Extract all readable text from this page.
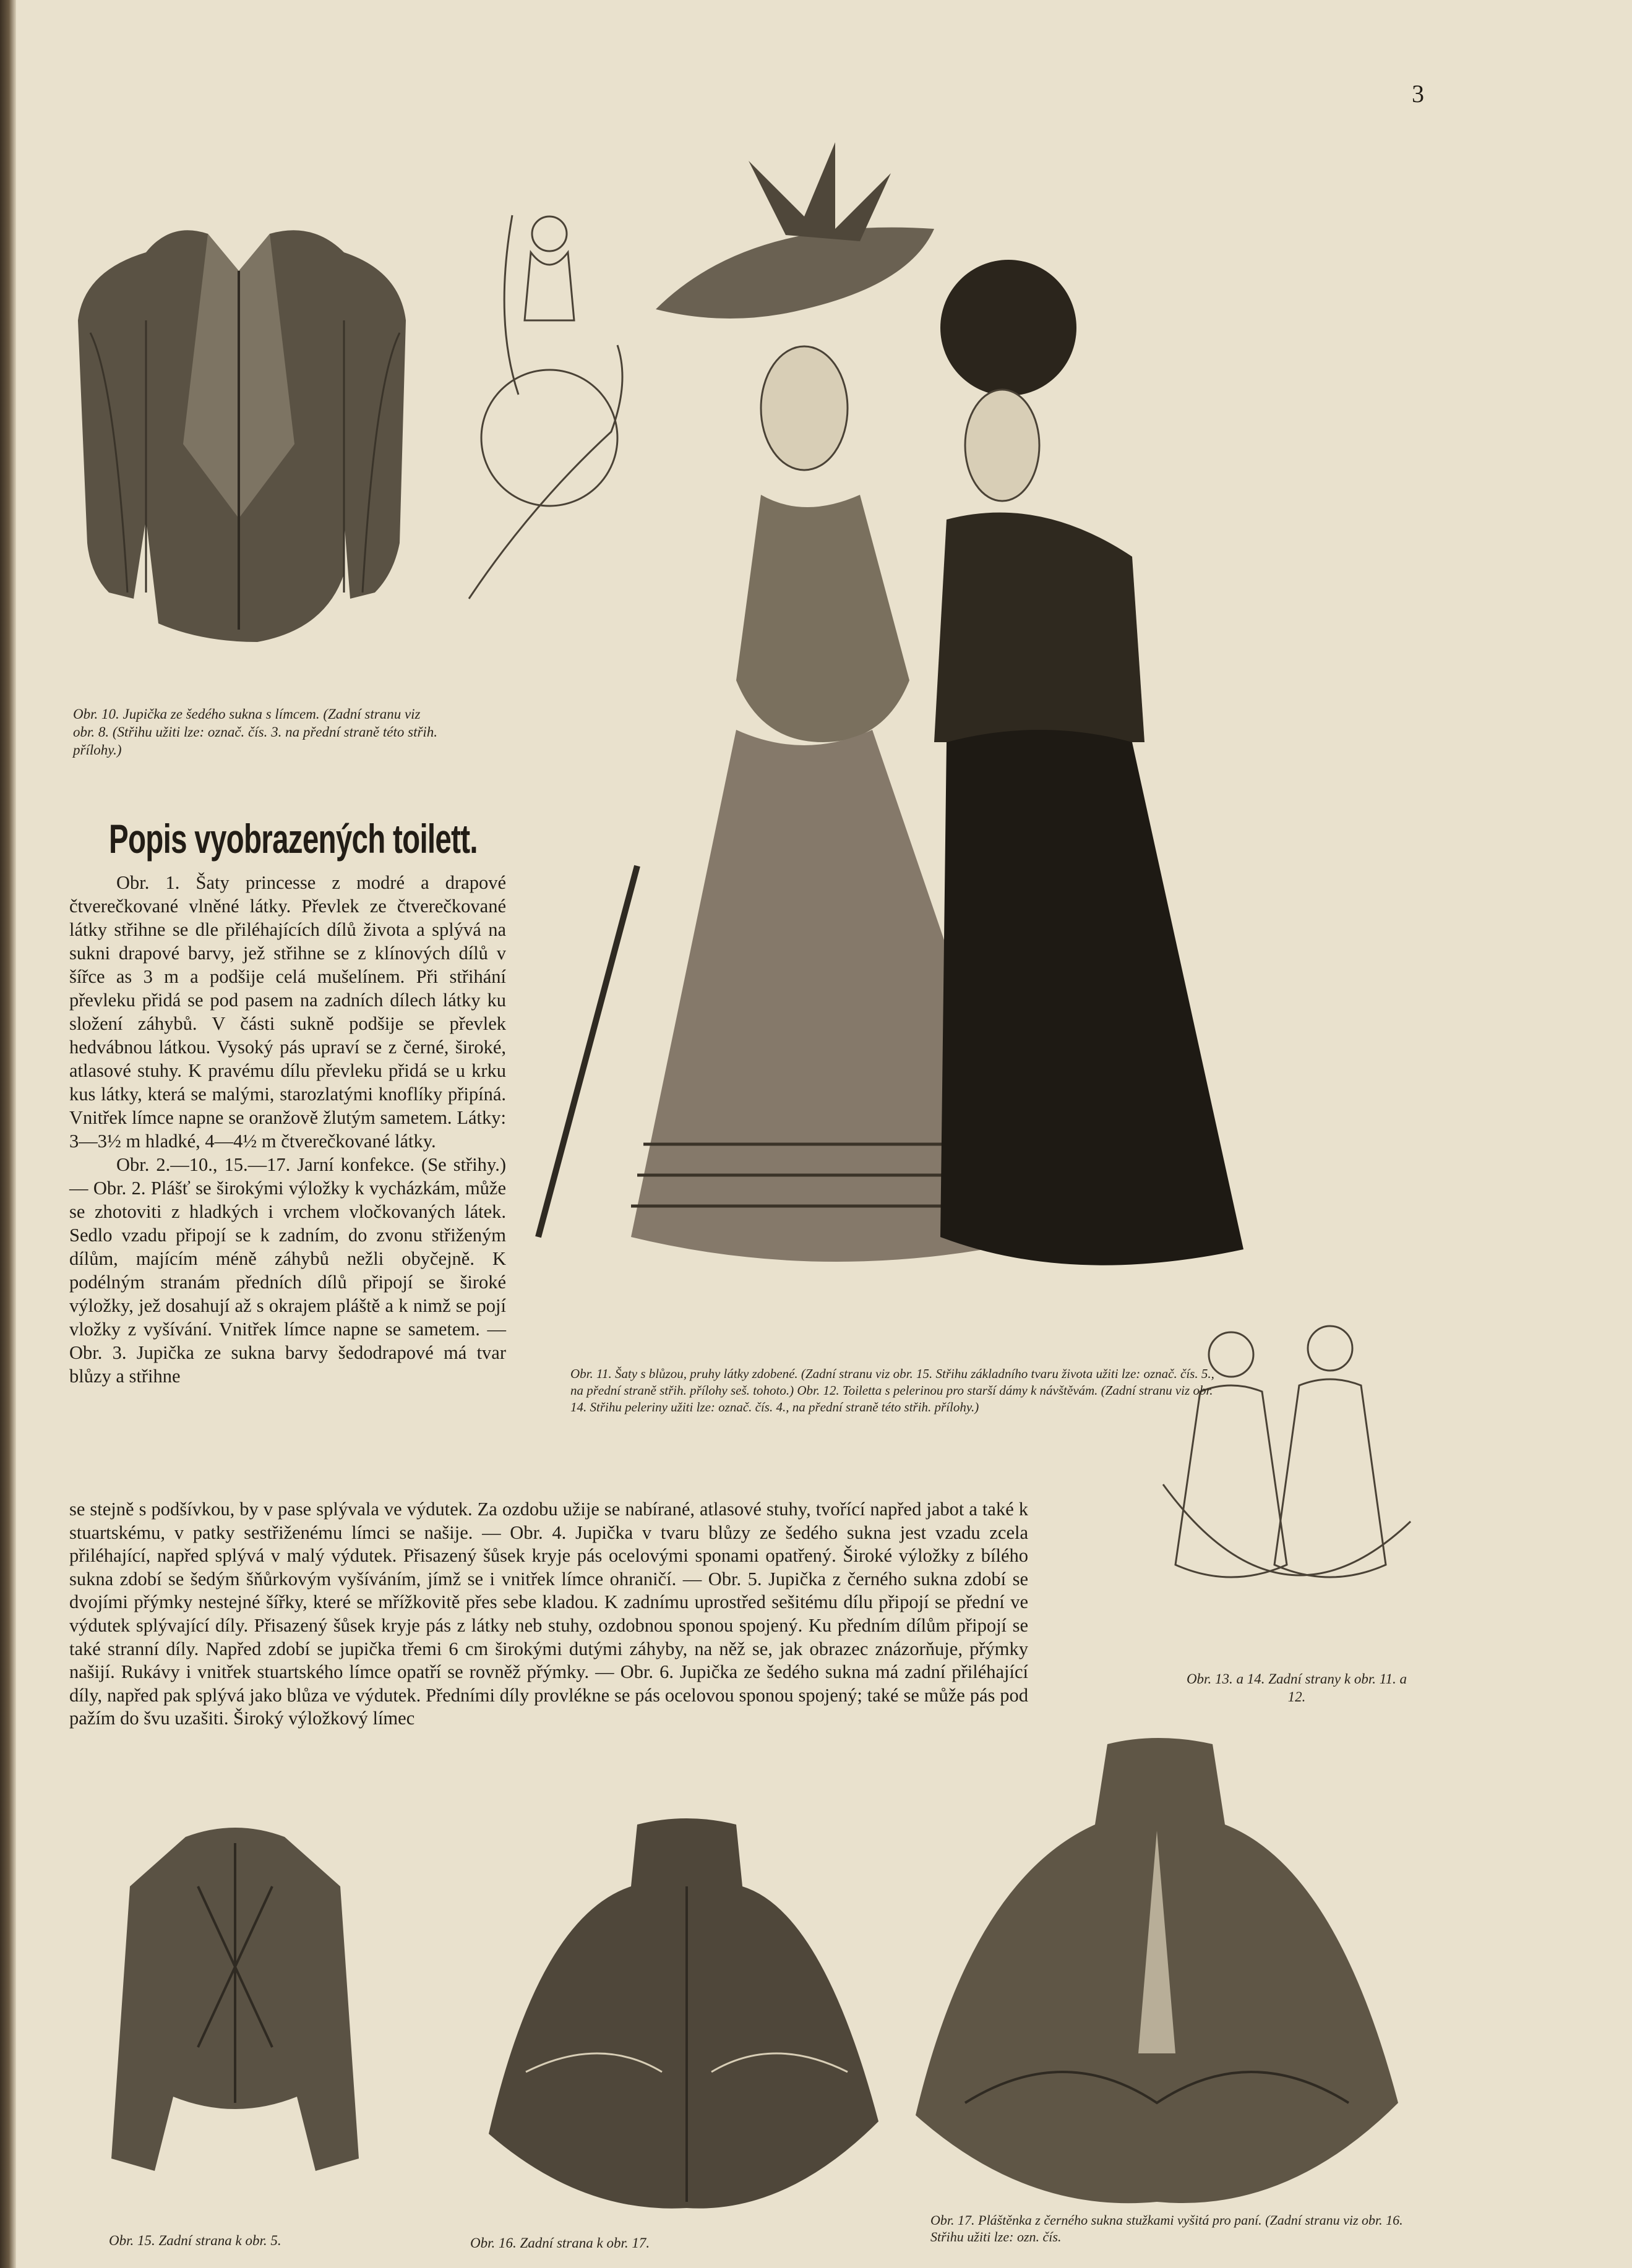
3
Obr. 10. Jupička ze šedého sukna s límcem. (Zadní stranu viz obr. 8. (Střihu užiti lze: označ. čís. 3. na přední straně této střih. přílohy.)
Obr. 13. a 14. Zadní strany k obr. 11. a 12.
Popis vyobrazených toilett.

Obr. 1. Šaty princesse z modré a drapové čtverečkované vlněné látky. Převlek ze čtverečkované látky střihne se dle přiléhajících dílů života a splývá na sukni drapové barvy, jež střihne se z klínových dílů v šířce as 3 m a podšije celá mušelínem. Při střihání převleku přidá se pod pasem na zadních dílech látky ku složení záhybů. V části sukně podšije se převlek hedvábnou látkou. Vysoký pás upraví se z černé, široké, atlasové stuhy. K pravému dílu převleku přidá se u krku kus látky, která se malými, starozlatými knoflíky připíná. Vnitřek límce napne se oranžově žlutým sametem. Látky: 3—3½ m hladké, 4—4½ m čtverečkované látky.

Obr. 2.—10., 15.—17. Jarní konfekce. (Se střihy.) — Obr. 2. Plášť se širokými výložky k vycházkám, může se zhotoviti z hladkých i vrchem vločkovaných látek. Sedlo vzadu připojí se k zadním, do zvonu střiženým dílům, majícím méně záhybů nežli obyčejně. K podélným stranám předních dílů připojí se široké výložky, jež dosahují až s okrajem pláště a k nimž se pojí vložky z vyšívání. Vnitřek límce napne se sametem. — Obr. 3. Jupička ze sukna barvy šedodrapové má tvar blůzy a střihne	Obr. 11. Šaty s blůzou, pruhy látky zdobené. (Zadní stranu viz obr. 15. Střihu základního tvaru života užiti lze: označ. čís. 5., na přední straně střih. přílohy seš. tohoto.) Obr. 12. Toiletta s pelerinou pro starší dámy k návštěvám. (Zadní stranu viz obr. 14. Střihu peleriny užiti lze: označ. čís. 4., na přední straně této střih. přílohy.)

se stejně s podšívkou, by v pase splývala ve výdutek. Za ozdobu užije se nabírané, atlasové stuhy, tvořící napřed jabot a také k stuartskému, v patky sestřiženému límci se našije. — Obr. 4. Jupička v tvaru blůzy ze šedého sukna jest vzadu zcela přiléhající, napřed splývá v malý výdutek. Přisazený šůsek kryje pás ocelovými sponami opatřený. Široké výložky z bílého sukna zdobí se šedým šňůrkovým vyšíváním, jímž se i vnitřek límce ohraničí. — Obr. 5. Jupička z černého sukna zdobí se dvojími přýmky nestejné šířky, které se mřížkovitě přes sebe kladou. K zadnímu uprostřed sešitému dílu připojí se přední ve výdutek splývající díly. Přisazený šůsek kryje pás z látky neb stuhy, ozdobnou sponou spojený. Ku předním dílům připojí se také stranní díly. Napřed zdobí se jupička třemi 6 cm širokými dutými záhyby, na něž se, jak obrazec znázorňuje, přýmky našijí. Rukávy i vnitřek stuartského límce opatří se rovněž přýmky. — Obr. 6. Jupička ze šedého sukna má zadní přiléhající díly, napřed pak splývá jako blůza ve výdutek. Předními díly provlékne se pás ocelovou sponou spojený; také se může pás pod pažím do švu uzašiti. Široký výložkový límec

Obr. 15. Zadní strana k obr. 5.	Obr. 16. Zadní strana k obr. 17.
Obr. 17. Pláštěnka z černého sukna stužkami vyšitá pro paní. (Zadní stranu viz obr. 16. Střihu užiti lze: ozn. čís.
